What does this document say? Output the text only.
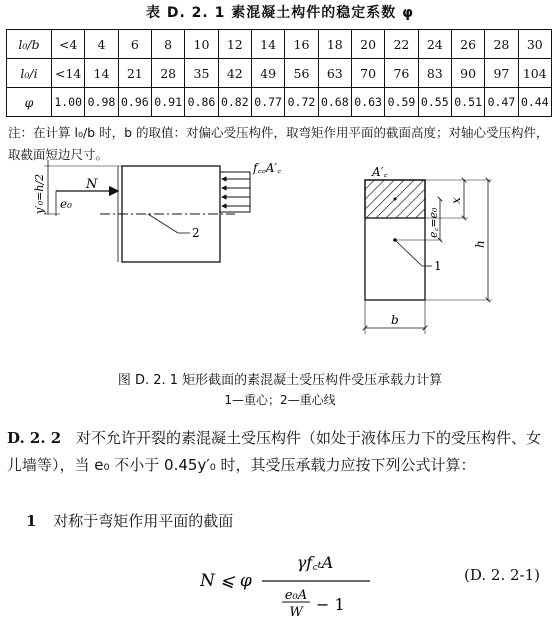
表 D. 2. 1 素混凝土构件的稳定系数 φ
l₀/b	<4	4	6	8	10	12	14	16	18	20	22	24	26	28	30
l₀/i	<14	14	21	28	35	42	49	56	63	70	76	83	90	97	104
φ	1.00	0.98	0.96	0.91	0.86	0.82	0.77	0.72	0.68	0.63	0.59	0.55	0.51	0.47	0.44
注：在计算 l₀/b 时，b 的取值：对偏心受压构件，取弯矩作用平面的截面高度；对轴心受压构件，取截面短边尺寸。
N
y′₀=h/2 e₀
f꜀꜀A′꜀
2
A′꜀
1
e꜀=e₀
x
h
b
图 D. 2. 1 矩形截面的素混凝土受压构件受压承载力计算
1—重心；2—重心线
D. 2. 2 对不允许开裂的素混凝土受压构件（如处于液体压力下的受压构件、女儿墙等），当 e₀ 不小于 0.45y′₀ 时，其受压承载力应按下列公式计算：
1 对称于弯矩作用平面的截面
N ⩽ φ
γf꜀ₜA
e₀A
W − 1
(D. 2. 2-1)
